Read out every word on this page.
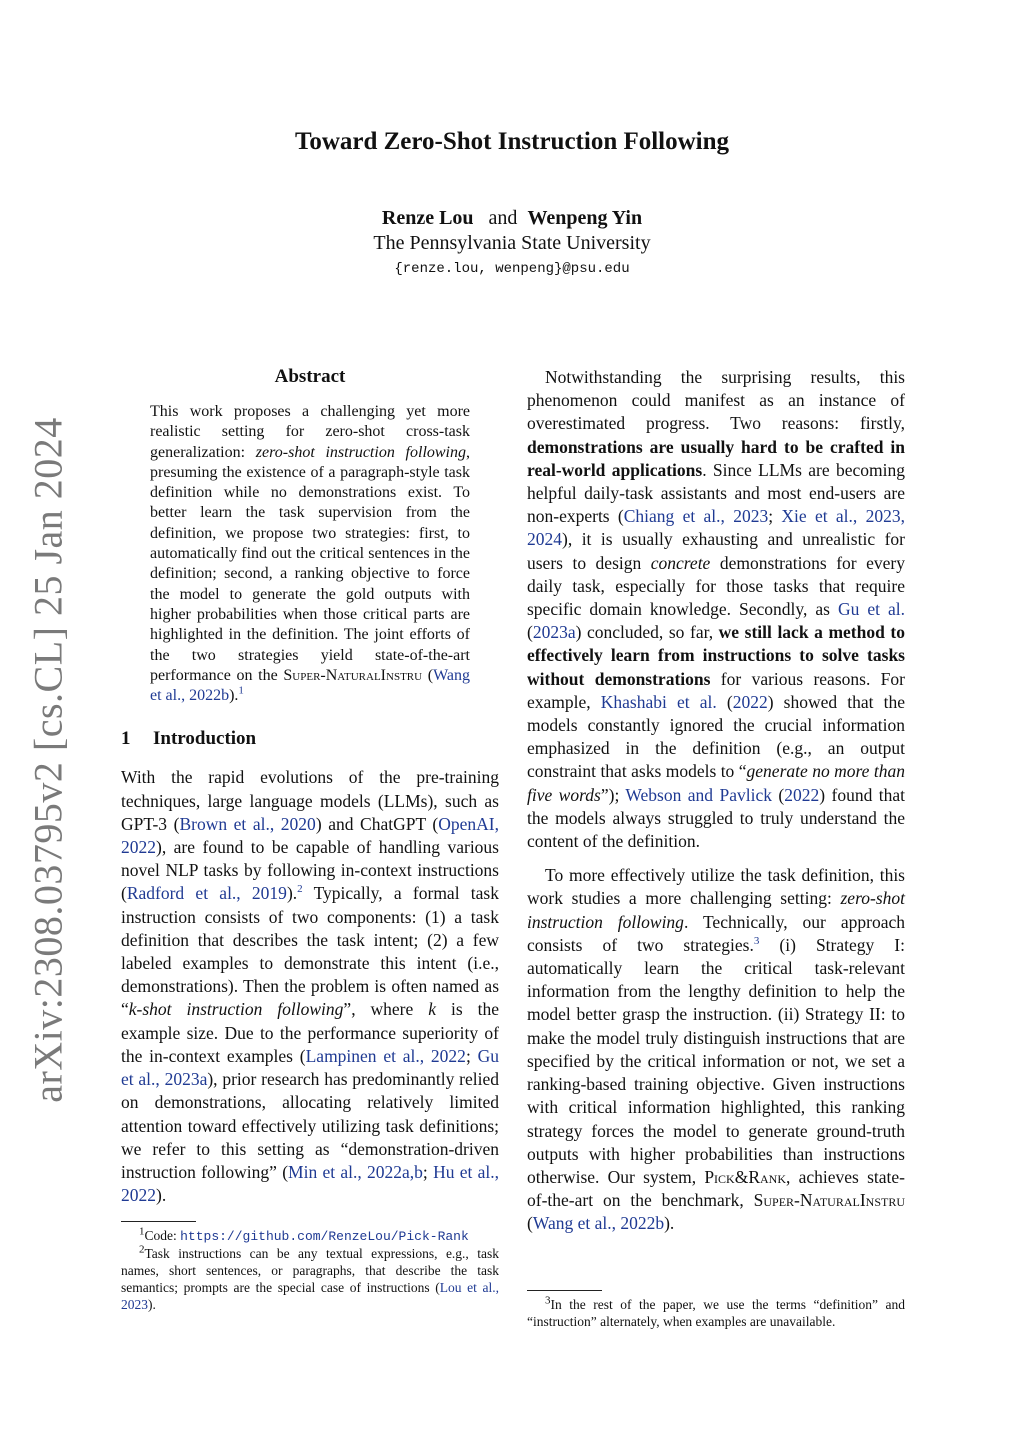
arXiv:2308.03795v2 [cs.CL] 25 Jan 2024
Toward Zero-Shot Instruction Following
Renze Lou and Wenpeng Yin
The Pennsylvania State University
{renze.lou, wenpeng}@psu.edu
Abstract

This work proposes a challenging yet more realistic setting for zero-shot cross-task generalization: zero-shot instruction following, presuming the existence of a paragraph-style task definition while no demonstrations exist. To better learn the task supervision from the definition, we propose two strategies: first, to automatically find out the critical sentences in the definition; second, a ranking objective to force the model to generate the gold outputs with higher probabilities when those critical parts are highlighted in the definition. The joint efforts of the two strategies yield state-of-the-art performance on the Super-NaturalInstru (Wang et al., 2022b).$^1$

1 Introduction

With the rapid evolutions of the pre-training techniques, large language models (LLMs), such as GPT-3 (Brown et al., 2020) and ChatGPT (OpenAI, 2022), are found to be capable of handling various novel NLP tasks by following in-context instructions (Radford et al., 2019).$^2$ Typically, a formal task instruction consists of two components: (1) a task definition that describes the task intent; (2) a few labeled examples to demonstrate this intent (i.e., demonstrations). Then the problem is often named as “k-shot instruction following”, where k is the example size. Due to the performance superiority of the in-context examples (Lampinen et al., 2022; Gu et al., 2023a), prior research has predominantly relied on demonstrations, allocating relatively limited attention toward effectively utilizing task definitions; we refer to this setting as “demonstration-driven instruction following” (Min et al., 2022a,b; Hu et al., 2022).

$^1$Code: https://github.com/RenzeLou/Pick-Rank

$^2$Task instructions can be any textual expressions, e.g., task names, short sentences, or paragraphs, that describe the task semantics; prompts are the special case of instructions (Lou et al., 2023).

Notwithstanding the surprising results, this phenomenon could manifest as an instance of overestimated progress. Two reasons: firstly, demonstrations are usually hard to be crafted in real-world applications. Since LLMs are becoming helpful daily-task assistants and most end-users are non-experts (Chiang et al., 2023; Xie et al., 2023, 2024), it is usually exhausting and unrealistic for users to design concrete demonstrations for every daily task, especially for those tasks that require specific domain knowledge. Secondly, as Gu et al. (2023a) concluded, so far, we still lack a method to effectively learn from instructions to solve tasks without demonstrations for various reasons. For example, Khashabi et al. (2022) showed that the models constantly ignored the crucial information emphasized in the definition (e.g., an output constraint that asks models to “generate no more than five words”); Webson and Pavlick (2022) found that the models always struggled to truly understand the content of the definition.

To more effectively utilize the task definition, this work studies a more challenging setting: zero-shot instruction following. Technically, our approach consists of two strategies.$^3$ (i) Strategy I: automatically learn the critical task-relevant information from the lengthy definition to help the model better grasp the instruction. (ii) Strategy II: to make the model truly distinguish instructions that are specified by the critical information or not, we set a ranking-based training objective. Given instructions with critical information highlighted, this ranking strategy forces the model to generate ground-truth outputs with higher probabilities than instructions otherwise. Our system, Pick&Rank, achieves state-of-the-art on the benchmark, Super-NaturalInstru (Wang et al., 2022b).

$^3$In the rest of the paper, we use the terms “definition” and “instruction” alternately, when examples are unavailable.
